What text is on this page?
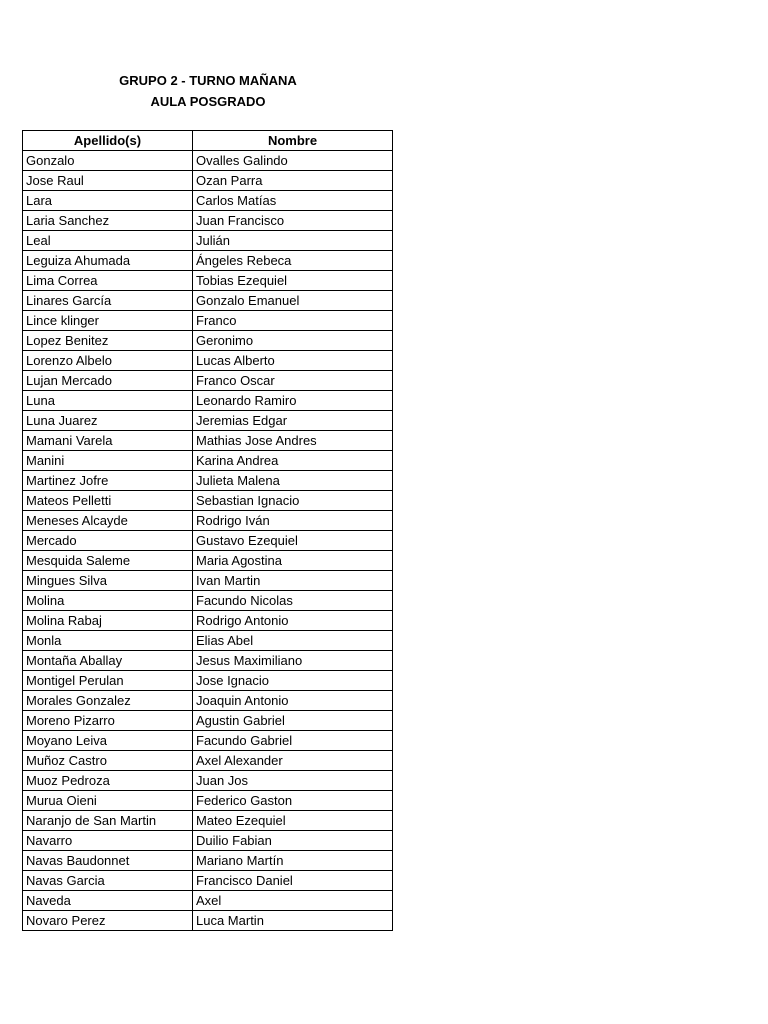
GRUPO 2 - TURNO MAÑANA
AULA POSGRADO
Apellido(s)	Nombre
Gonzalo	Ovalles Galindo
Jose Raul	Ozan Parra
Lara	Carlos Matías
Laria Sanchez	Juan Francisco
Leal	Julián
Leguiza Ahumada	Ángeles Rebeca
Lima Correa	Tobias Ezequiel
Linares García	Gonzalo Emanuel
Lince klinger	Franco
Lopez Benitez	Geronimo
Lorenzo Albelo	Lucas Alberto
Lujan Mercado	Franco Oscar
Luna	Leonardo Ramiro
Luna Juarez	Jeremias Edgar
Mamani Varela	Mathias Jose Andres
Manini	Karina Andrea
Martinez Jofre	Julieta Malena
Mateos Pelletti	Sebastian Ignacio
Meneses Alcayde	Rodrigo Iván
Mercado	Gustavo Ezequiel
Mesquida Saleme	Maria Agostina
Mingues Silva	Ivan Martin
Molina	Facundo Nicolas
Molina Rabaj	Rodrigo Antonio
Monla	Elias Abel
Montaña Aballay	Jesus Maximiliano
Montigel Perulan	Jose Ignacio
Morales Gonzalez	Joaquin Antonio
Moreno Pizarro	Agustin Gabriel
Moyano Leiva	Facundo Gabriel
Muñoz Castro	Axel Alexander
Muoz Pedroza	Juan Jos
Murua Oieni	Federico Gaston
Naranjo de San Martin	Mateo Ezequiel
Navarro	Duilio Fabian
Navas Baudonnet	Mariano Martín
Navas Garcia	Francisco Daniel
Naveda	Axel
Novaro Perez	Luca Martin
